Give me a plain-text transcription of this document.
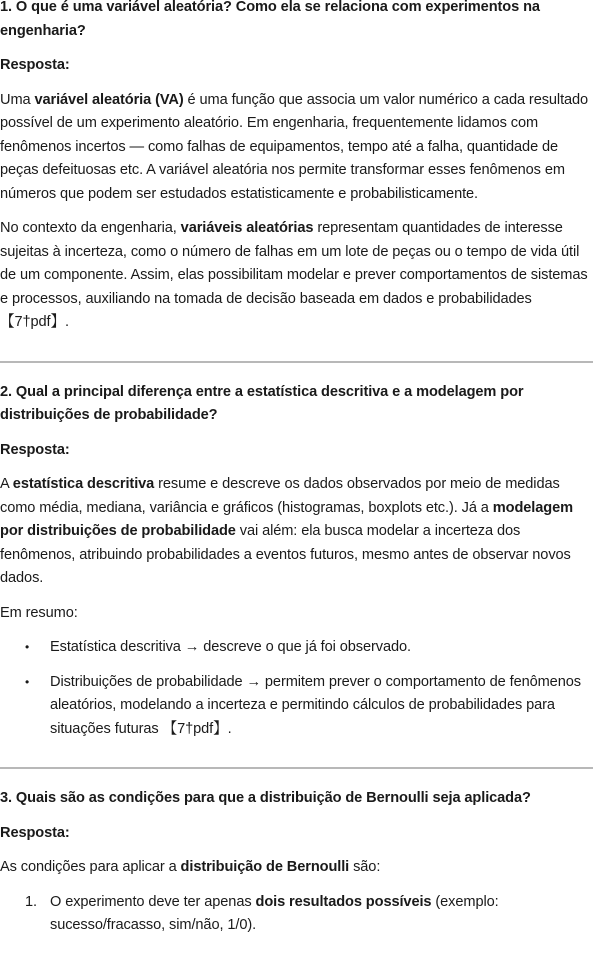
1. O que é uma variável aleatória? Como ela se relaciona com experimentos na engenharia?

Resposta:

Uma variável aleatória (VA) é uma função que associa um valor numérico a cada resultado possível de um experimento aleatório. Em engenharia, frequentemente lidamos com fenômenos incertos — como falhas de equipamentos, tempo até a falha, quantidade de peças defeituosas etc. A variável aleatória nos permite transformar esses fenômenos em números que podem ser estudados estatisticamente e probabilisticamente.

No contexto da engenharia, variáveis aleatórias representam quantidades de interesse sujeitas à incerteza, como o número de falhas em um lote de peças ou o tempo de vida útil de um componente. Assim, elas possibilitam modelar e prever comportamentos de sistemas e processos, auxiliando na tomada de decisão baseada em dados e probabilidades 【7†pdf】.

2. Qual a principal diferença entre a estatística descritiva e a modelagem por distribuições de probabilidade?

Resposta:

A estatística descritiva resume e descreve os dados observados por meio de medidas como média, mediana, variância e gráficos (histogramas, boxplots etc.). Já a modelagem por distribuições de probabilidade vai além: ela busca modelar a incerteza dos fenômenos, atribuindo probabilidades a eventos futuros, mesmo antes de observar novos dados.

Em resumo:

• Estatística descritiva → descreve o que já foi observado.
• Distribuições de probabilidade → permitem prever o comportamento de fenômenos aleatórios, modelando a incerteza e permitindo cálculos de probabilidades para situações futuras 【7†pdf】.

3. Quais são as condições para que a distribuição de Bernoulli seja aplicada?

Resposta:

As condições para aplicar a distribuição de Bernoulli são:

1. O experimento deve ter apenas dois resultados possíveis (exemplo: sucesso/fracasso, sim/não, 1/0).
